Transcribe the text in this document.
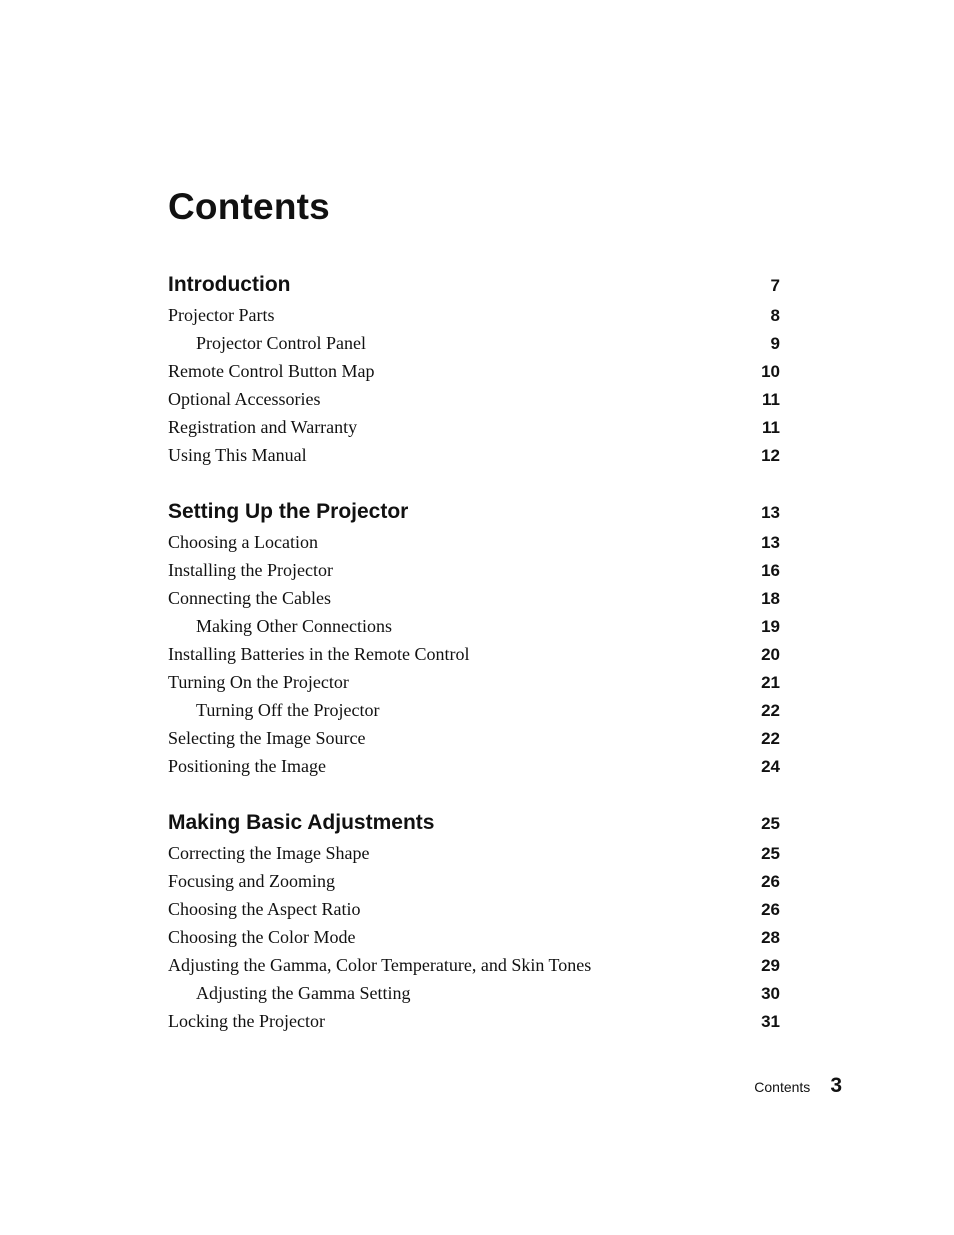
Contents
Introduction	7
Projector Parts	8
Projector Control Panel	9
Remote Control Button Map	10
Optional Accessories	11
Registration and Warranty	11
Using This Manual	12
Setting Up the Projector	13
Choosing a Location	13
Installing the Projector	16
Connecting the Cables	18
Making Other Connections	19
Installing Batteries in the Remote Control	20
Turning On the Projector	21
Turning Off the Projector	22
Selecting the Image Source	22
Positioning the Image	24
Making Basic Adjustments	25
Correcting the Image Shape	25
Focusing and Zooming	26
Choosing the Aspect Ratio	26
Choosing the Color Mode	28
Adjusting the Gamma, Color Temperature, and Skin Tones	29
Adjusting the Gamma Setting	30
Locking the Projector	31
Contents 3
